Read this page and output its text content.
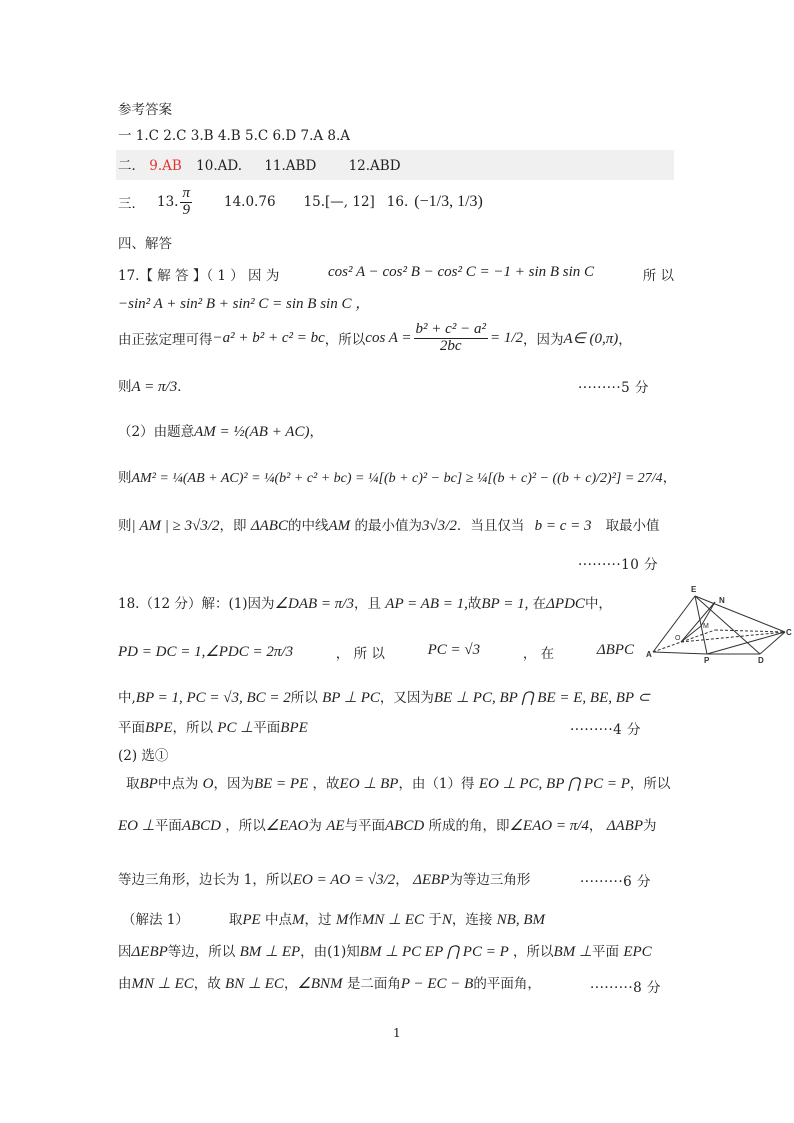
参考答案
一 1.C 2.C 3.B 4.B 5.C 6.D 7.A 8.A
二． 9.AB 10.AD. 11.ABD 12.ABD
三． 13. $\frac{\pi}{9} 14.0.76$ 15.[—, 12] 16. (−1/3, 1/3)
四、解答
17.【 解 答 】（ 1 ） 因 为	cos² A − cos² B − cos² C = −1 + sin B sin C	所 以
−sin² A + sin² B + sin² C = sin B sin C ，
由正弦定理可得 −a² + b² + c² = bc ，所以 $\cos A = \frac{\text{b² + c² − a²}}{2bc} = 1/2$ ，因为 A∈ (0,π) ，
则A = π/3．	·········5 分
（2）由题意AM = ½(AB + AC)，
则AM² = ¼(AB + AC)² = ¼(b² + c² + bc) = ¼[(b + c)² − bc] ≥ ¼[(b + c)² − ((b + c)/2)²] = 27/4，
则| AM | ≥ 3√3/2，即 ΔABC的中线AM 的最小值为3√3/2．当且仅当 b = c = 3 取最小值
·········10 分
18.（12 分）解：(1)因为∠DAB = π/3，且 AP = AB = 1,故BP = 1, 在ΔPDC中，
PD = DC = 1,∠PDC = 2π/3	， 所 以	PC = √3	， 在	ΔBPC
中,BP = 1, PC = √3, BC = 2所以 BP ⊥ PC，又因为BE ⊥ PC, BP ⋂ BE = E, BE, BP ⊂
平面BPE，所以 PC ⊥平面BPE	·········4 分
(2) 选①
取BP中点为 O，因为BE = PE ，故EO ⊥ BP，由（1）得 EO ⊥ PC, BP ⋂ PC = P，所以
EO ⊥平面ABCD ，所以∠EAO为 AE与平面ABCD 所成的角，即∠EAO = π/4， ΔABP为
等边三角形，边长为 1，所以EO = AO = √3/2， ΔEBP为等边三角形	·········6 分
（解法 1）	取PE 中点M，过 M作MN ⊥ EC 于N，连接 NB, BM
因ΔEBP等边，所以 BM ⊥ EP，由(1)知BM ⊥ PC EP ⋂ PC = P ，所以BM ⊥平面 EPC
由MN ⊥ EC，故 BN ⊥ EC，∠BNM 是二面角P − EC − B的平面角，	·········8 分
E
N
M
O
A
P	D
C
1
